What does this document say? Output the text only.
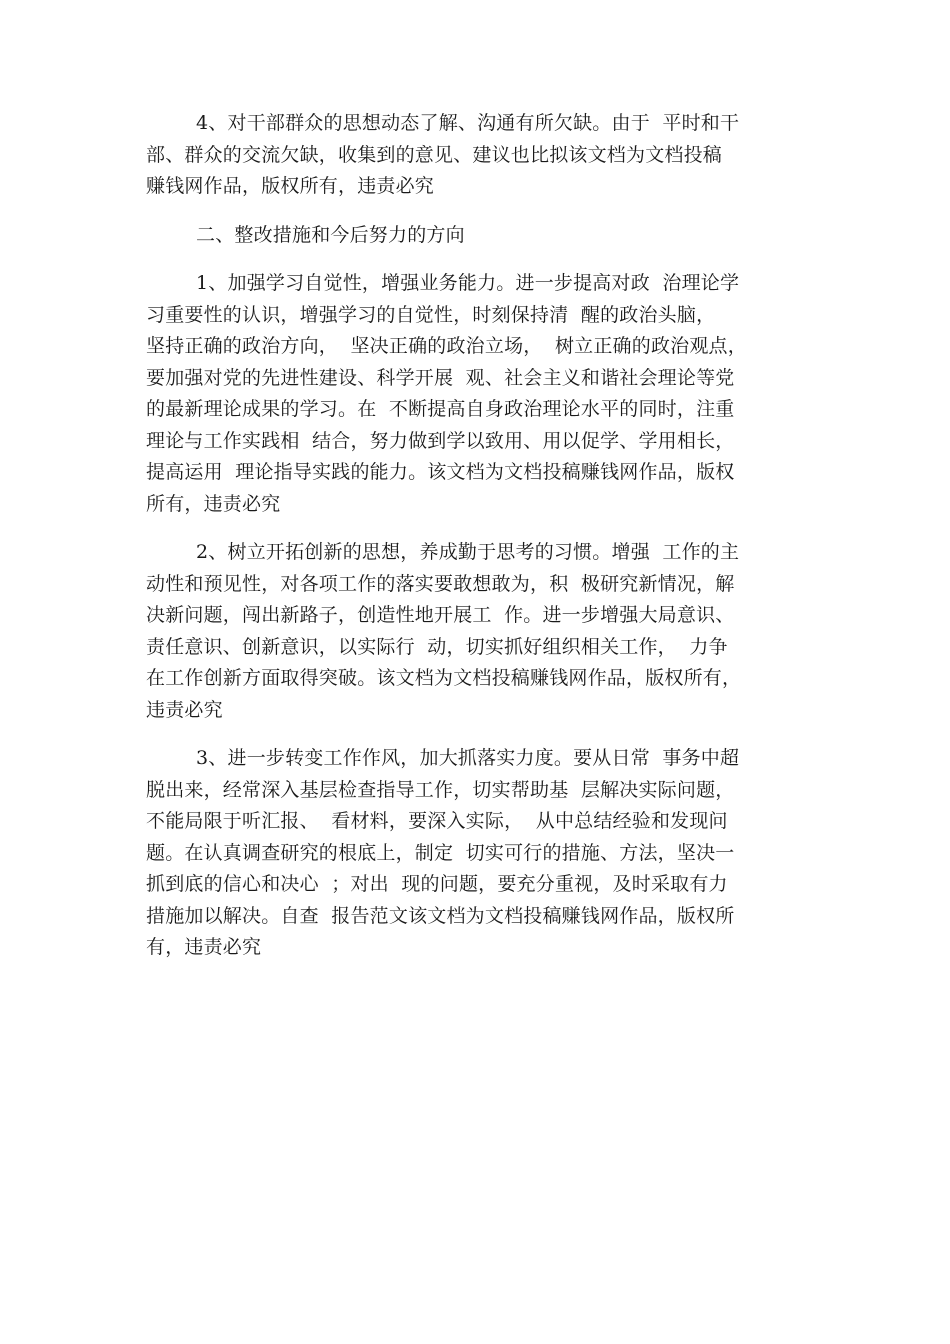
4、对干部群众的思想动态了解、沟通有所欠缺。由于  平时和干
部、群众的交流欠缺，收集到的意见、建议也比拟该文档为文档投稿
赚钱网作品，版权所有，违责必究
二、整改措施和今后努力的方向
1、加强学习自觉性，增强业务能力。进一步提高对政  治理论学
习重要性的认识，增强学习的自觉性，时刻保持清  醒的政治头脑，
坚持正确的政治方向，  坚决正确的政治立场，  树立正确的政治观点，
要加强对党的先进性建设、科学开展  观、社会主义和谐社会理论等党
的最新理论成果的学习。在  不断提高自身政治理论水平的同时，注重
理论与工作实践相  结合，努力做到学以致用、用以促学、学用相长，
提高运用  理论指导实践的能力。该文档为文档投稿赚钱网作品，版权
所有，违责必究
2、树立开拓创新的思想，养成勤于思考的习惯。增强  工作的主
动性和预见性，对各项工作的落实要敢想敢为，积  极研究新情况，解
决新问题，闯出新路子，创造性地开展工  作。进一步增强大局意识、
责任意识、创新意识，以实际行  动，切实抓好组织相关工作，  力争
在工作创新方面取得突破。该文档为文档投稿赚钱网作品，版权所有，
违责必究
3、进一步转变工作作风，加大抓落实力度。要从日常  事务中超
脱出来，经常深入基层检查指导工作，切实帮助基  层解决实际问题，
不能局限于听汇报、  看材料，要深入实际，  从中总结经验和发现问
题。在认真调查研究的根底上，制定  切实可行的措施、方法，坚决一
抓到底的信心和决心  ；对出  现的问题，要充分重视，及时采取有力
措施加以解决。自查  报告范文该文档为文档投稿赚钱网作品，版权所
有，违责必究
